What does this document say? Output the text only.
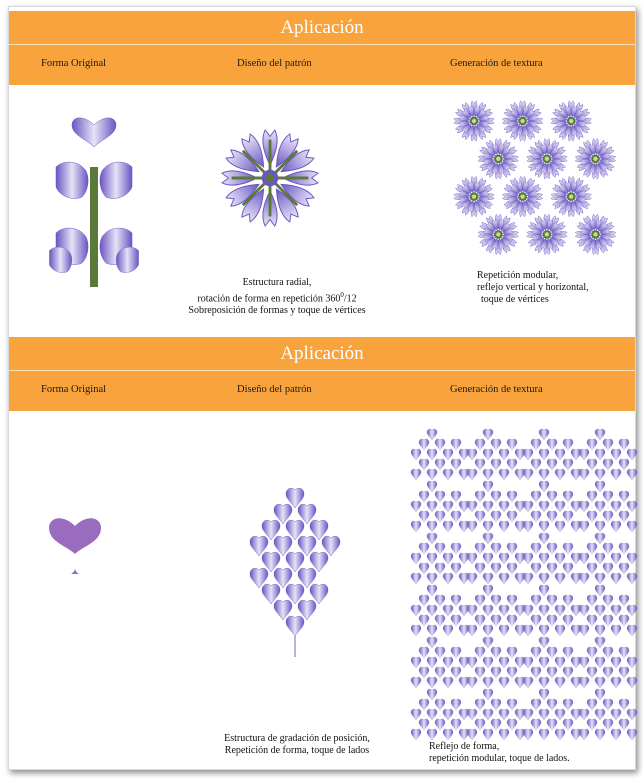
Aplicación
Forma Original	Diseño del patrón	Generación de textura
Estructura radial,
rotación de forma en repetición $360^0/12$
Sobreposición de formas y toque de vértices
Repetición modular,
reflejo vertical y horizontal,
toque de vértices
Aplicación
Forma Original	Diseño del patrón	Generación de textura
Estructura de gradación de posición,
Repetición de forma, toque de lados	Reflejo de forma,
repetición modular, toque de lados.
